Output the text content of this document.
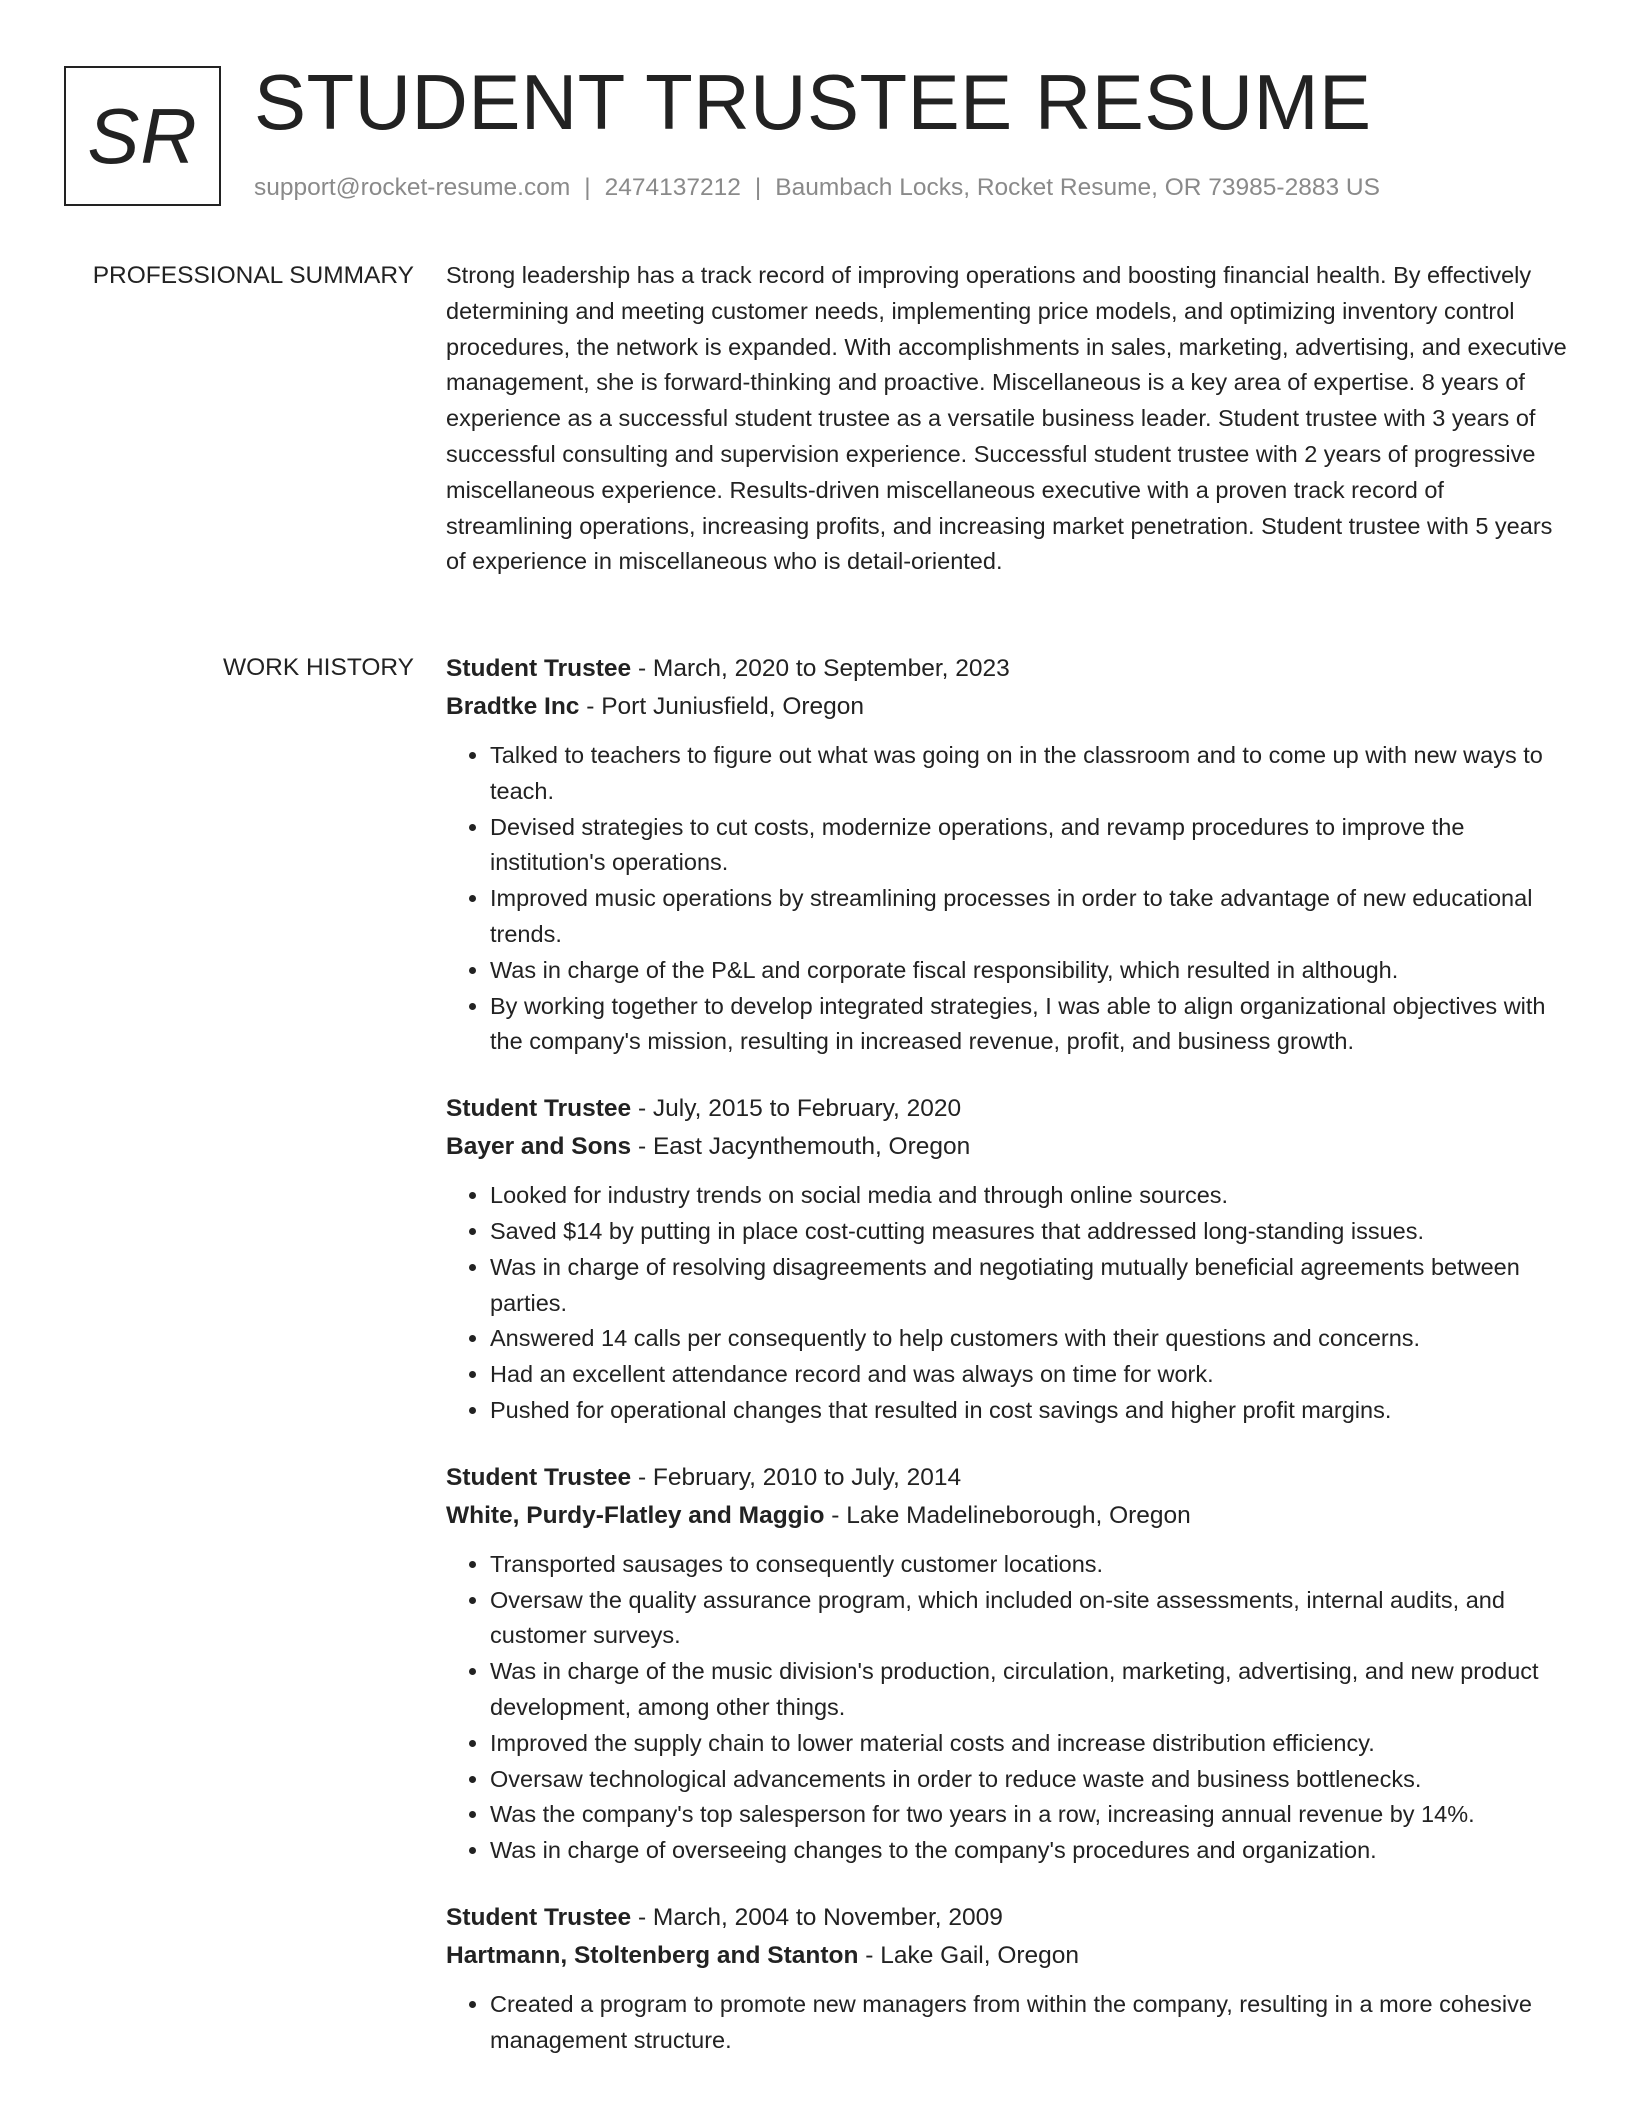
SR STUDENT TRUSTEE RESUME
support@rocket-resume.com | 2474137212 | Baumbach Locks, Rocket Resume, OR 73985-2883 US
PROFESSIONAL SUMMARY Strong leadership has a track record of improving operations and boosting financial health. By effectively determining and meeting customer needs, implementing price models, and optimizing inventory control procedures, the network is expanded. With accomplishments in sales, marketing, advertising, and executive management, she is forward-thinking and proactive. Miscellaneous is a key area of expertise. 8 years of experience as a successful student trustee as a versatile business leader. Student trustee with 3 years of successful consulting and supervision experience. Successful student trustee with 2 years of progressive miscellaneous experience. Results-driven miscellaneous executive with a proven track record of streamlining operations, increasing profits, and increasing market penetration. Student trustee with 5 years of experience in miscellaneous who is detail-oriented.

WORK HISTORY Student Trustee - March, 2020 to September, 2023
Bradtke Inc - Port Juniusfield, Oregon
• Talked to teachers to figure out what was going on in the classroom and to come up with new ways to teach.
• Devised strategies to cut costs, modernize operations, and revamp procedures to improve the institution's operations.
• Improved music operations by streamlining processes in order to take advantage of new educational trends.
• Was in charge of the P&L and corporate fiscal responsibility, which resulted in although.
• By working together to develop integrated strategies, I was able to align organizational objectives with the company's mission, resulting in increased revenue, profit, and business growth.
Student Trustee - July, 2015 to February, 2020
Bayer and Sons - East Jacynthemouth, Oregon
• Looked for industry trends on social media and through online sources.
• Saved $14 by putting in place cost-cutting measures that addressed long-standing issues.
• Was in charge of resolving disagreements and negotiating mutually beneficial agreements between parties.
• Answered 14 calls per consequently to help customers with their questions and concerns.
• Had an excellent attendance record and was always on time for work.
• Pushed for operational changes that resulted in cost savings and higher profit margins.
Student Trustee - February, 2010 to July, 2014
White, Purdy-Flatley and Maggio - Lake Madelineborough, Oregon
• Transported sausages to consequently customer locations.
• Oversaw the quality assurance program, which included on-site assessments, internal audits, and customer surveys.
• Was in charge of the music division's production, circulation, marketing, advertising, and new product development, among other things.
• Improved the supply chain to lower material costs and increase distribution efficiency.
• Oversaw technological advancements in order to reduce waste and business bottlenecks.
• Was the company's top salesperson for two years in a row, increasing annual revenue by 14%.
• Was in charge of overseeing changes to the company's procedures and organization.
Student Trustee - March, 2004 to November, 2009
Hartmann, Stoltenberg and Stanton - Lake Gail, Oregon
• Created a program to promote new managers from within the company, resulting in a more cohesive management structure.
